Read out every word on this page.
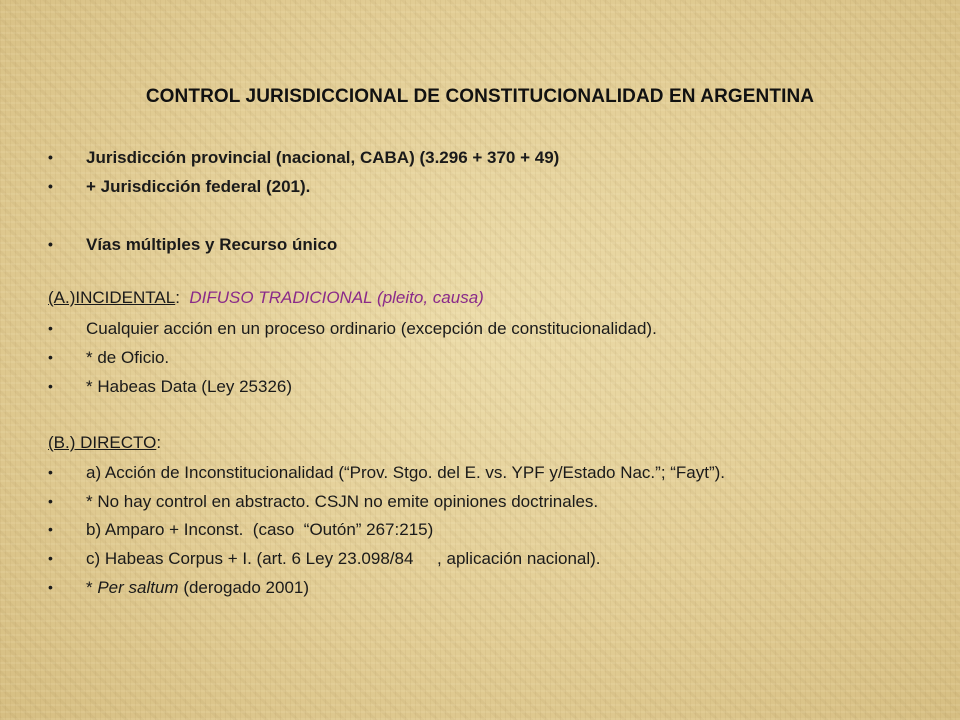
CONTROL JURISDICCIONAL DE CONSTITUCIONALIDAD EN ARGENTINA
• Jurisdicción provincial (nacional, CABA) (3.296 + 370 + 49)
• + Jurisdicción federal (201).
• Vías múltiples y Recurso único
(A.)INCIDENTAL:  DIFUSO TRADICIONAL (pleito, causa)
• Cualquier acción en un proceso ordinario (excepción de constitucionalidad).
• * de Oficio.
• * Habeas Data (Ley 25326)
(B.) DIRECTO:
• a) Acción de Inconstitucionalidad (“Prov. Stgo. del E. vs. YPF y/Estado Nac.”; “Fayt”).
• * No hay control en abstracto. CSJN no emite opiniones doctrinales.
• b) Amparo + Inconst.  (caso  “Outón” 267:215)
• c) Habeas Corpus + I. (art. 6 Ley 23.098/84     , aplicación nacional).
• * Per saltum (derogado 2001)
